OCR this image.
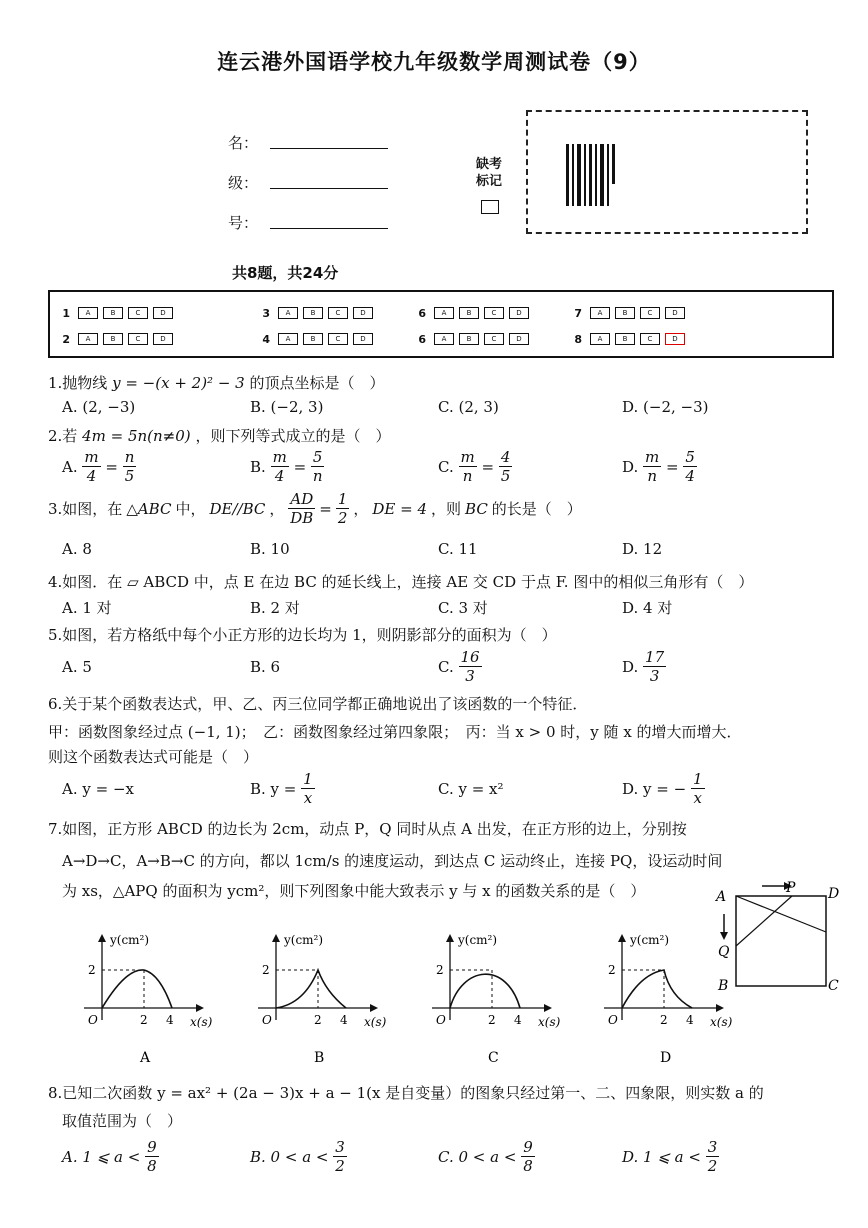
连云港外国语学校九年级数学周测试卷（9）
名：
级：
号：
缺考标记
共8题，共24分
1	A	B	C	D	3	A	B	C	D	6	A	B	C	D	7	A	B	C	D
2	A	B	C	D	4	A	B	C	D	6	A	B	C	D	8	A	B	C	D
1.抛物线 y = −(x + 2)² − 3 的顶点坐标是（　）
A. (2, −3)	B. (−2, 3)	C. (2, 3)	D. (−2, −3)
2.若 4m = 5n(n≠0) ，则下列等式成立的是（　）
A.
$\frac{m}{4} = \frac{n}{5}$	B.
$\frac{m}{4} = \frac{5}{n}$	C.
$\frac{m}{n} = \frac{4}{5}$	D.
$\frac{m}{n} = \frac{5}{4}$
3.如图，在 △ABC 中， DE//BC ， $\frac{AD}{DB} = \frac{1}{2}$ ， DE = 4 ，则 BC 的长是（　）
A. 8	B. 10	C. 11	D. 12
4.如图．在 ▱ ABCD 中，点 E 在边 BC 的延长线上，连接 AE 交 CD 于点 F. 图中的相似三角形有（　）
A. 1 对	B. 2 对	C. 3 对	D. 4 对
5.如图，若方格纸中每个小正方形的边长均为 1，则阴影部分的面积为（　）
A. 5	B. 6	C.
$\frac{16}{3}$	D.
$\frac{17}{3}$
6.关于某个函数表达式，甲、乙、丙三位同学都正确地说出了该函数的一个特征．
甲：函数图象经过点 (−1, 1)；　乙：函数图象经过第四象限；　丙：当 x > 0 时，y 随 x 的增大而增大．
则这个函数表达式可能是（　）
A. y = −x	B. y =
$\frac{1}{x}$	C. y = x²	D. y = −
$\frac{1}{x}$
7.如图，正方形 ABCD 的边长为 2cm，动点 P，Q 同时从点 A 出发，在正方形的边上，分别按
A→D→C，A→B→C 的方向，都以 1cm/s 的速度运动，到达点 C 运动终止，连接 PQ，设运动时间
为 xs，△APQ 的面积为 ycm²，则下列图象中能大致表示 y 与 x 的函数关系的是（　）	A	D
B	C
P
Q
y(cm²)
x(s)
2
2 4
O
A
y(cm²)
x(s)
2
2 4
O
B
y(cm²)
x(s)
2
2 4
O
C
y(cm²)
x(s)
2
2 4
O
D
8.已知二次函数 y = ax² + (2a − 3)x + a − 1(x 是自变量）的图象只经过第一、二、四象限，则实数 a 的
取值范围为（　）
A. 1 ⩽ a <
$\frac{9}{8}$	B. 0 < a <
$\frac{3}{2}$	C. 0 < a <
$\frac{9}{8}$	D. 1 ⩽ a <
$\frac{3}{2}$
